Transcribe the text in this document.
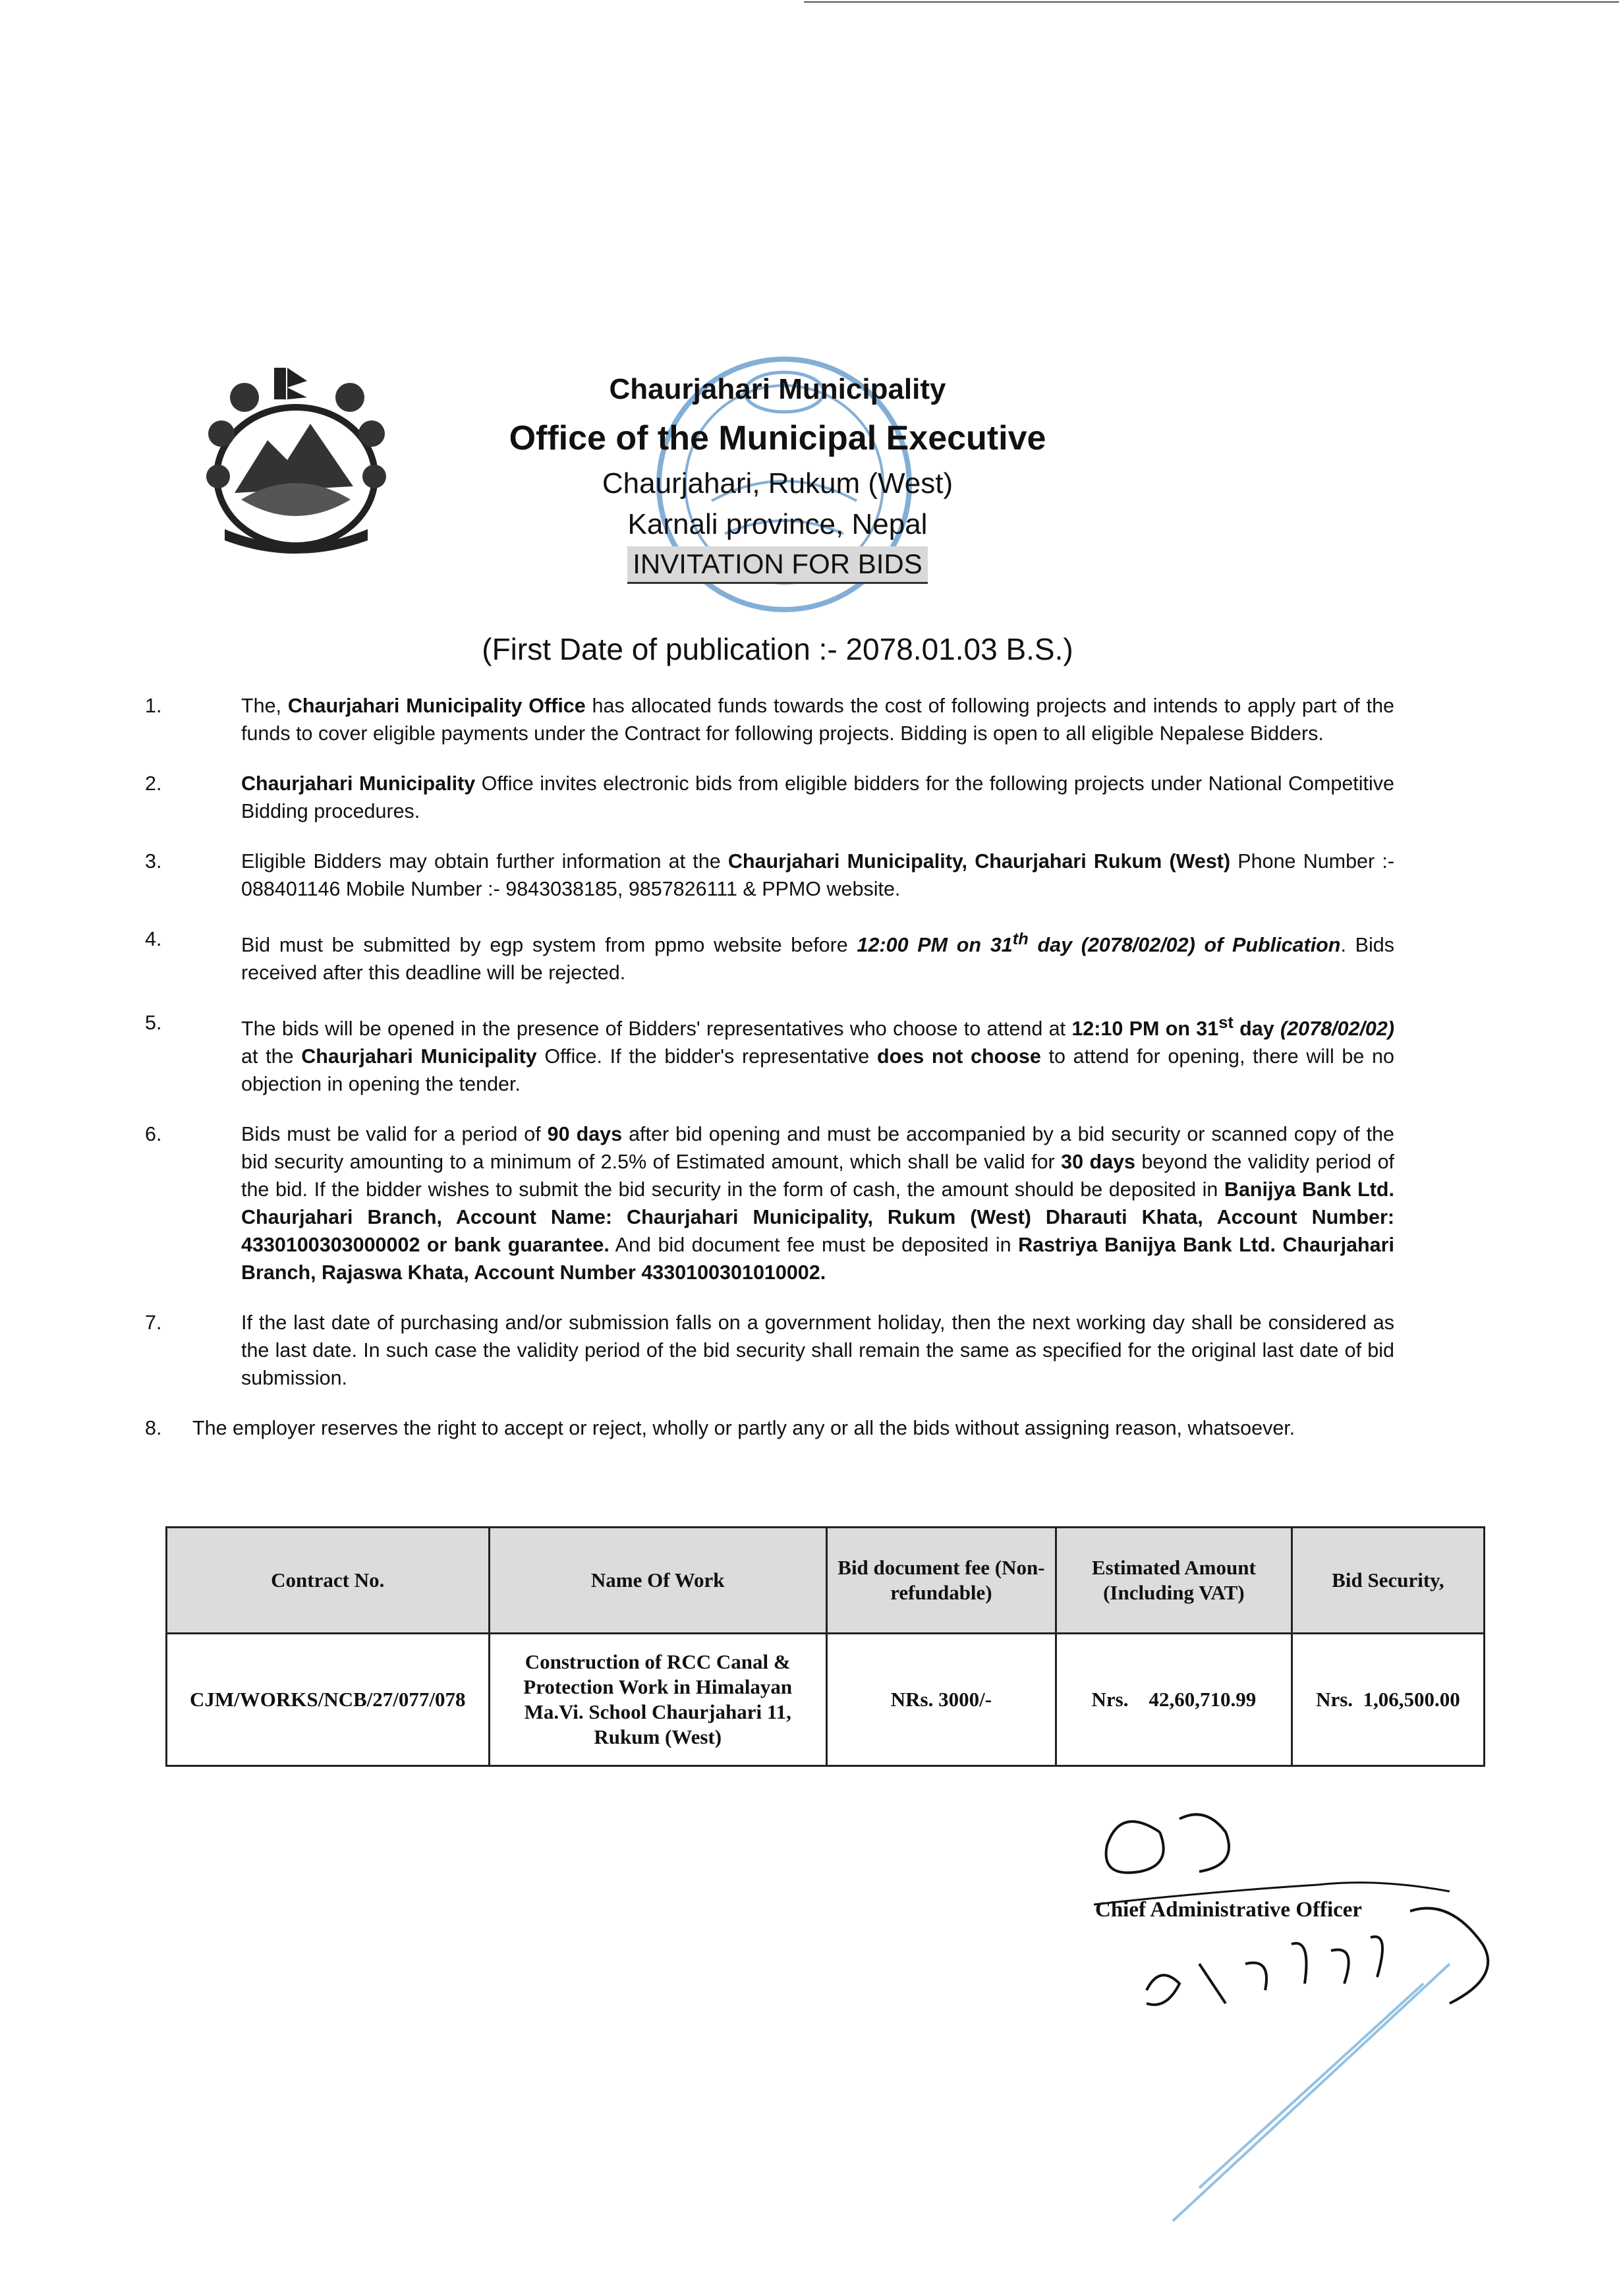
Chaurjahari Municipality

Office of the Municipal Executive

Chaurjahari, Rukum (West)

Karnali province, Nepal

INVITATION FOR BIDS
(First Date of publication :- 2078.01.03 B.S.)
1.	The, Chaurjahari Municipality Office has allocated funds towards the cost of following projects and intends to apply part of the funds to cover eligible payments under the Contract for following projects. Bidding is open to all eligible Nepalese Bidders.
2.	Chaurjahari Municipality Office invites electronic bids from eligible bidders for the following projects under National Competitive Bidding procedures.
3.	Eligible Bidders may obtain further information at the Chaurjahari Municipality, Chaurjahari Rukum (West) Phone Number :- 088401146 Mobile Number :- 9843038185, 9857826111 & PPMO website.
4.	Bid must be submitted by egp system from ppmo website before 12:00 PM on 31th day (2078/02/02) of Publication. Bids received after this deadline will be rejected.
5.	The bids will be opened in the presence of Bidders' representatives who choose to attend at 12:10 PM on 31st day (2078/02/02) at the Chaurjahari Municipality Office. If the bidder's representative does not choose to attend for opening, there will be no objection in opening the tender.
6.	Bids must be valid for a period of 90 days after bid opening and must be accompanied by a bid security or scanned copy of the bid security amounting to a minimum of 2.5% of Estimated amount, which shall be valid for 30 days beyond the validity period of the bid. If the bidder wishes to submit the bid security in the form of cash, the amount should be deposited in Banijya Bank Ltd. Chaurjahari Branch, Account Name: Chaurjahari Municipality, Rukum (West) Dharauti Khata, Account Number: 4330100303000002 or bank guarantee. And bid document fee must be deposited in Rastriya Banijya Bank Ltd. Chaurjahari Branch, Rajaswa Khata, Account Number 4330100301010002.
7.	If the last date of purchasing and/or submission falls on a government holiday, then the next working day shall be considered as the last date. In such case the validity period of the bid security shall remain the same as specified for the original last date of bid submission.
8. The employer reserves the right to accept or reject, wholly or partly any or all the bids without assigning reason, whatsoever.
Contract No.	Name Of Work	Bid document fee (Non- refundable)	Estimated Amount (Including VAT)	Bid Security,
CJM/WORKS/NCB/27/077/078	Construction of RCC Canal & Protection Work in Himalayan Ma.Vi. School Chaurjahari 11, Rukum (West)	NRs. 3000/-	Nrs.    42,60,710.99	Nrs.  1,06,500.00
Chief Administrative Officer
